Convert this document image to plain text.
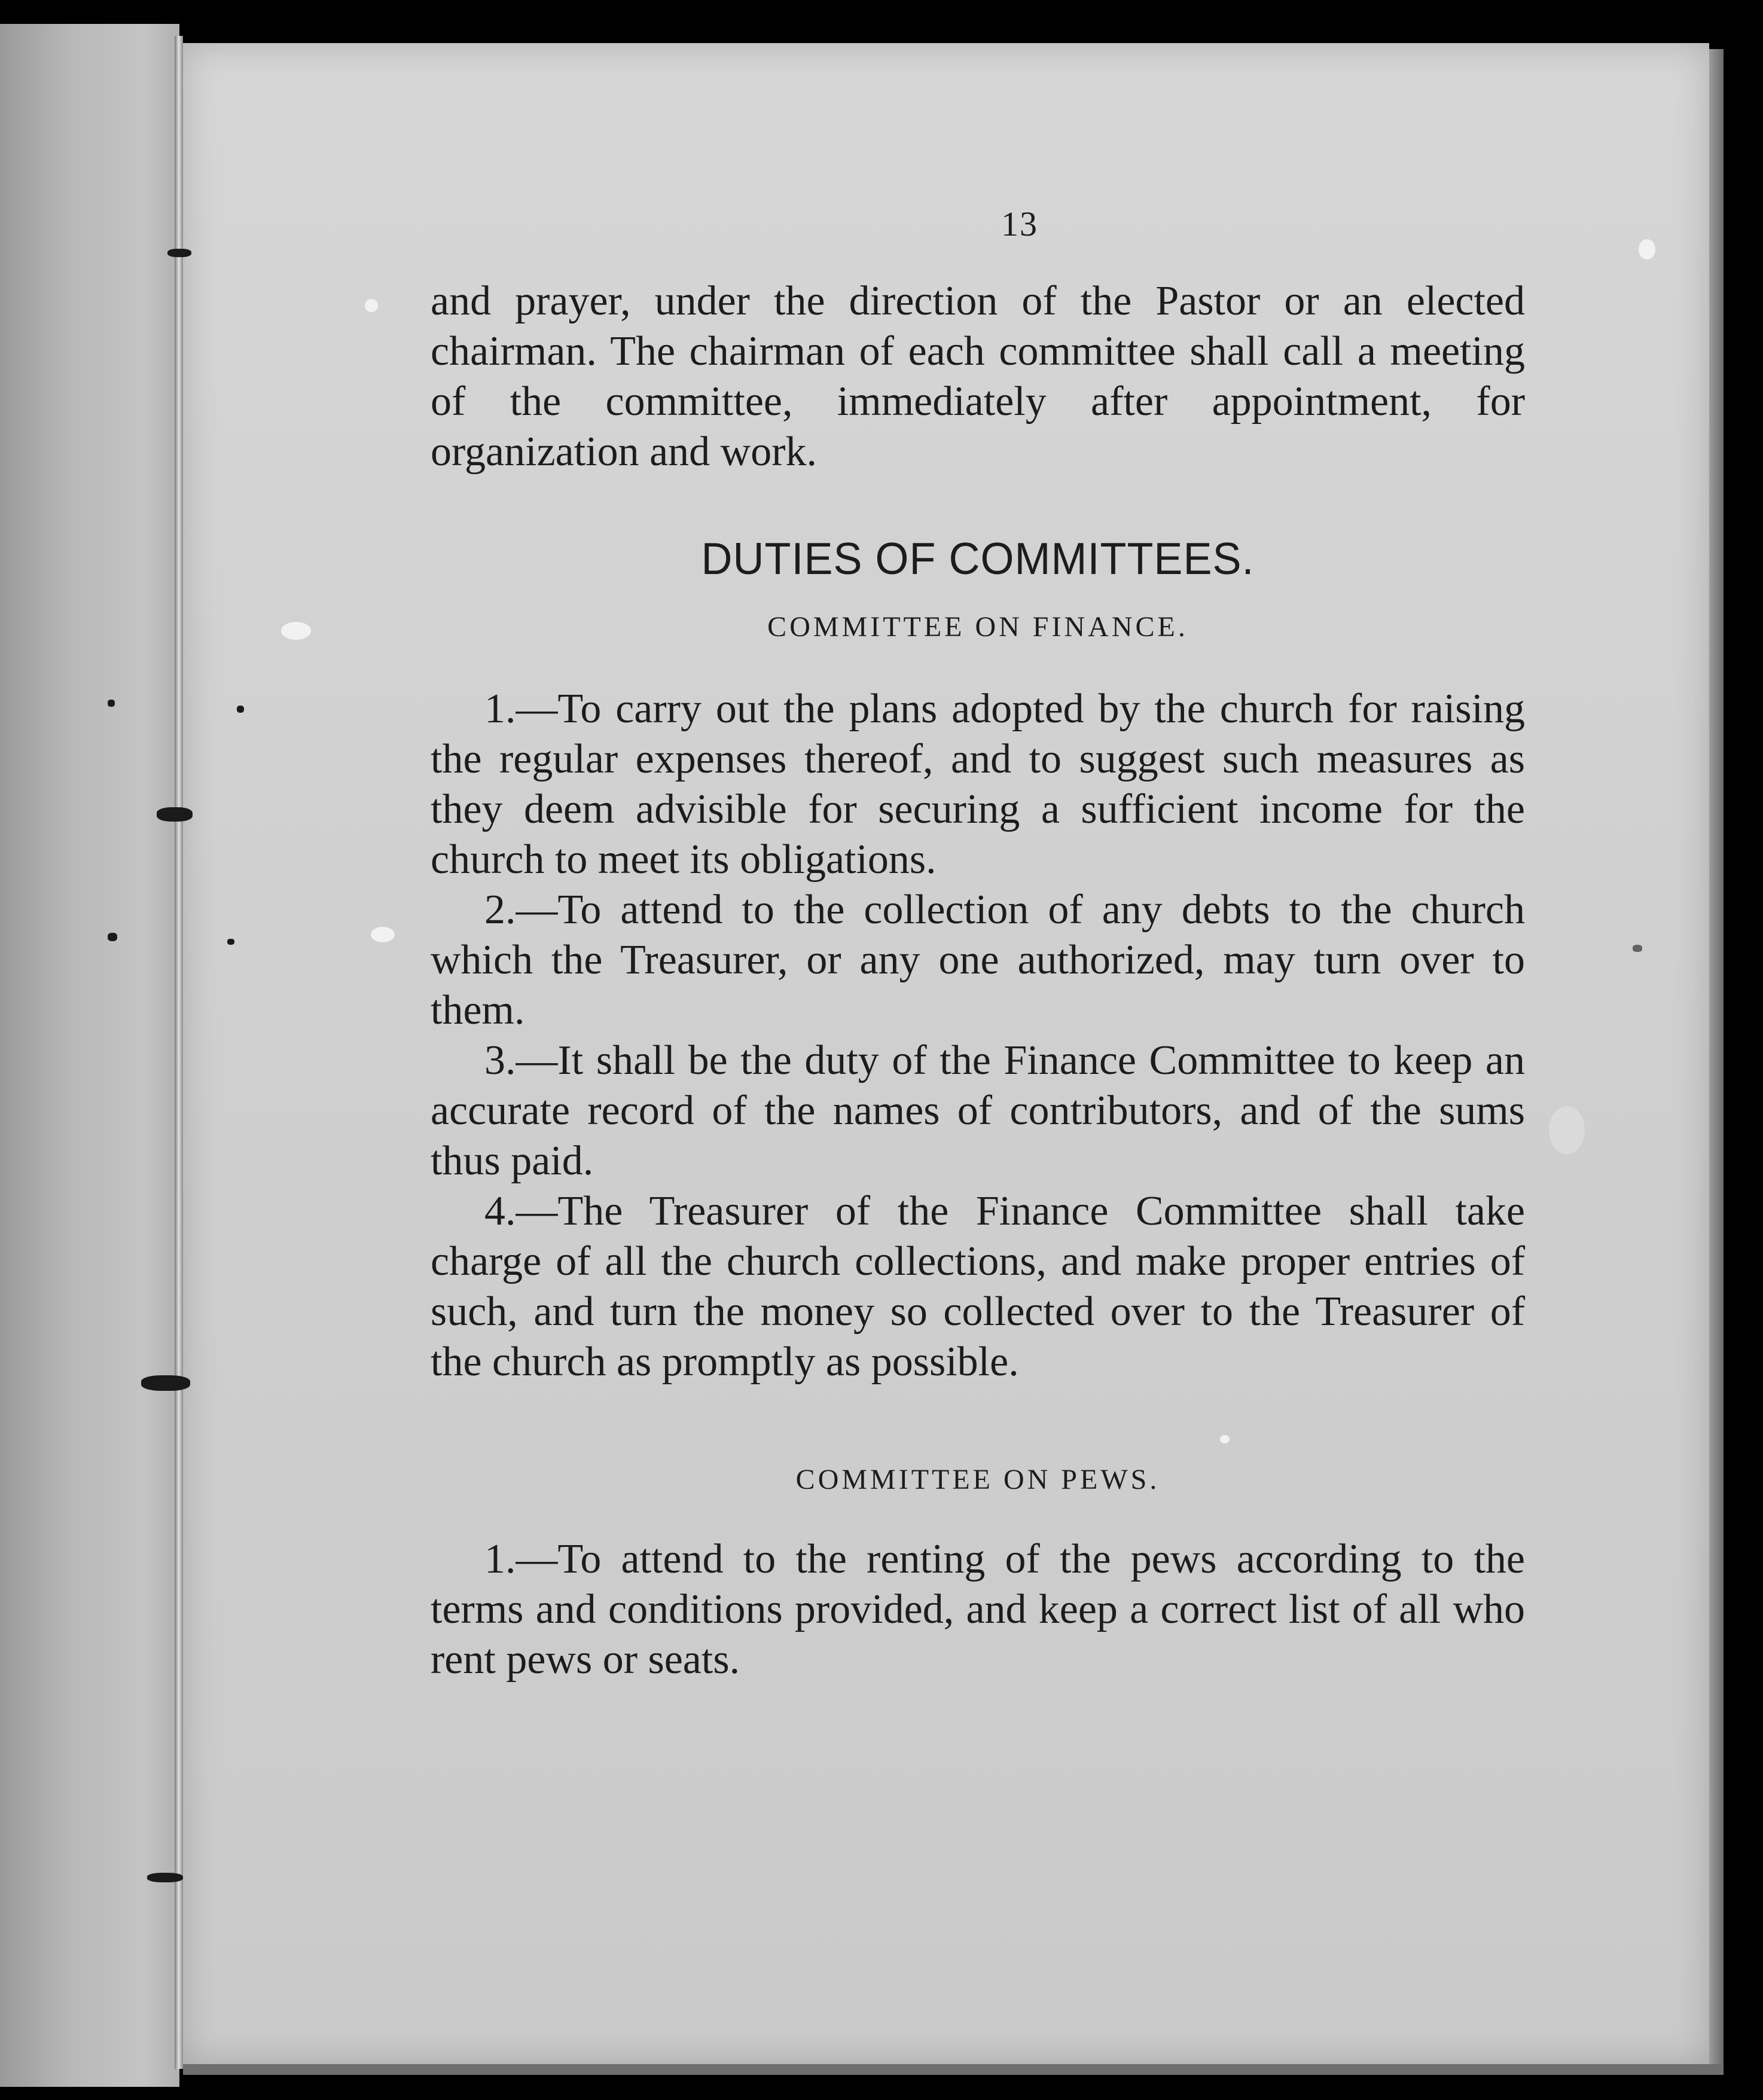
13

and prayer, under the direction of the Pastor or an elected chairman. The chairman of each committee shall call a meeting of the committee, immediately after appointment, for organization and work.

DUTIES OF COMMITTEES.
COMMITTEE ON FINANCE.

1.—To carry out the plans adopted by the church for raising the regular expenses thereof, and to suggest such measures as they deem advisible for securing a sufficient income for the church to meet its obligations.

2.—To attend to the collection of any debts to the church which the Treasurer, or any one authorized, may turn over to them.

3.—It shall be the duty of the Finance Committee to keep an accurate record of the names of contributors, and of the sums thus paid.

4.—The Treasurer of the Finance Committee shall take charge of all the church collections, and make proper entries of such, and turn the money so collected over to the Treasurer of the church as promptly as possible.

COMMITTEE ON PEWS.

1.—To attend to the renting of the pews according to the terms and conditions provided, and keep a correct list of all who rent pews or seats.
